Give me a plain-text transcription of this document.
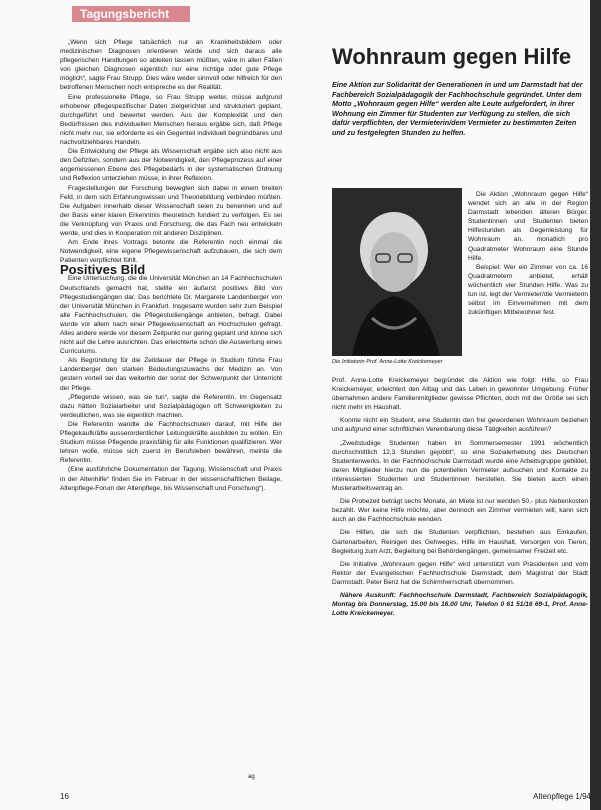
Tagungsbericht

„Wenn sich Pflege tatsächlich nur an Krankheitsbildern oder medizinischen Diagnosen orientieren würde und sich daraus alle pflegerischen Handlungen so ableiten lassen müßten, wäre in allen Fällen von gleichen Diagnosen eigentlich nur eine richtige oder gute Pflege möglich“, sagte Frau Strupp. Dies wäre weder sinnvoll oder hilfreich für den betroffenen Menschen noch entspreche es der Realität.

Eine professionelle Pflege, so Frau Strupp weiter, müsse aufgrund erhobener pflegespezifischer Daten zielgerichtet und strukturiert geplant, durchgeführt und bewertet werden. Aus der Komplexität und den Bedürfnissen des individuellen Menschen heraus ergäbe sich, daß Pflege nicht mehr nur, sie erforderte es ein Gegenteil individuell begründbares und nachvollziehbares Handeln.

Die Entwicklung der Pflege als Wissenschaft ergäbe sich also nicht aus den Defiziten, sondern aus der Notwendigkeit, den Pflegeprozess auf einer angemessenen Ebene des Pflegebedarfs in der systematischen Ordnung und Reflexion unterziehen müsse, in ihrer Reflexion.

Fragestellungen der Forschung bewegten sich dabei in einem breiten Feld, in dem sich Erfahrungswissen und Theoriebildung verbinden müßten. Die Aufgaben innerhalb dieser Wissenschaft seien zu benennen und auf der Basis einer klaren Erkenntnis theoretisch fundiert zu verfolgen. Es sei die Verknüpfung von Praxis und Forschung, die das Fach neu entwickeln werde, und dies in Kooperation mit anderen Disziplinen.

Am Ende ihres Vortrags betonte die Referentin noch einmal die Notwendigkeit, eine eigene Pflegewissenschaft aufzubauen, die sich dem Patienten verpflichtet fühlt.

Positives Bild

Eine Untersuchung, die die Universität München an 14 Fachhochschulen Deutschlands gemacht hat, stellte ein äußerst positives Bild von Pflegestudiengängen dar. Das berichtete Dr. Margarete Landenberger von der Universität München in Frankfurt. Insgesamt wurden sehr zum Beispiel alle Fachhochschulen, die Pflegestudiengänge anbieten, befragt. Dabei wurde vor allem nach einer Pflegewissenschaft an Hochschulen gefragt. Alles andere werde vor diesem Zeitpunkt nur gering geplant und könne sich nicht auf die Lehre ausrichten. Das erleichterte schon die Auswertung eines Curriculums.

Als Begründung für die Zeitdauer der Pflege in Studium führte Frau Landenberger den starken Bedeutungszuwachs der Medizin an. Von gestern vorteil sei das weiterhin der sonst der Schwerpunkt der Unterricht der Pflege.

„Pflegende wissen, was sie tun“, sagte die Referentin. Im Gegensatz dazu hätten Sozialarbeiter und Sozialpädagogen oft Schwierigkeiten zu verdeutlichen, was sie eigentlich machten.

Die Referentin wandte die Fachhochschulen darauf, mit Hilfe der Pflegekaufkräfte ausserordentlicher Leitungskräfte ausbilden zu wollen. Ein Studium müsse Pflegende praxisfähig für alle Funktionen qualifizieren. Wer lehren wolle, müsse sich zuerst im Berufsleben bewähren, meinte die Referentin.

(Eine ausführliche Dokumentation der Tagung, Wissenschaft und Praxis in der Altenhilfe“ finden Sie im Februar in der wissenschaftlichen Beilage, Altenpflege-Forum der Altenpflege, bis Wissenschaft und Forschung“).

ag
Wohnraum gegen Hilfe
Eine Aktion zur Solidarität der Generationen in und um Darmstadt hat der Fachbereich Sozialpädagogik der Fachhochschule gegründet. Unter dem Motto „Wohnraum gegen Hilfe“ werden alte Leute aufgefordert, in ihrer Wohnung ein Zimmer für Studenten zur Verfügung zu stellen, die sich dafür verpflichten, der Vermieterin/dem Vermieter zu bestimmten Zeiten und zu festgelegten Stunden zu helfen.
Die Initiatorin Prof. Anne-Lotte Kreickemeyer

Die Aktion „Wohnraum gegen Hilfe“ wendet sich an alle in der Region Darmstadt lebenden älteren Bürger. Studentinnen und Studenten bieten Hilfestunden als Gegenleistung für Wohnraum an, monatlich pro Quadratmeter Wohnraum eine Stunde Hilfe.

Beispiel: Wer ein Zimmer von ca. 16 Quadratmetern anbietet, erhält wöchentlich vier Stunden Hilfe. Was zu tun ist, legt der Vermieter/die Vermieterin selbst im Einvernehmen mit dem zukünftigen Mitbewohner fest.

Prof. Anne-Lotte Kreickemeyer begründet die Aktion wie folgt: Hilfe, so Frau Kreickemeyer, erleichtert den Alltag und das Leben in gewohnter Umgebung. Früher übernahmen andere Familienmitglieder gewisse Pflichten, doch mit der Größe sei sich nicht mehr im Haushalt.

Konnte nicht ein Student, eine Studentin den frei gewordenen Wohnraum beziehen und aufgrund einer schriftlichen Vereinbarung diese Tätigkeiten ausführen?

„Zweitstudiige Studenten haben im Sommersemester 1991 wöchentlich durchschnittlich 12,3 Stunden gejobbt“, so eine Sozialerhebung des Deutschen Studentenwerks. In der Fachhochschule Darmstadt wurde eine Arbeitsgruppe gebildet, deren Mitglieder hierzu nun die potentiellen Vermieter aufsuchen und Kontakte zu interessierten Studenten und Studentinnen herstellen. Sie bieten auch einen Musterarbeitsvertrag an.

Die Probezeit beträgt sechs Monate, an Miete ist nur wenden 50,- plus Nebenkosten bezahlt. Wer keine Hilfe möchte, aber dennoch ein Zimmer vermieten will, kann sich auch an die Fachhochschule wenden.

Die Hilfen, die sich die Studenten verpflichten, bestehen aus Einkaufen, Gartenarbeiten, Reinigen des Gehweges, Hilfe im Haushalt, Versorgen von Tieren, Begleitung zum Arzt, Begleitung bei Behördengängen, gemeinsamer Freizeit etc.

Die Initiative „Wohnraum gegen Hilfe“ wird unterstützt vom Präsidenten und vom Rektor der Evangelischen Fachhochschule Darmstadt, dem Magistrat der Stadt Darmstadt. Peter Benz hat die Schirmherrschaft übernommen.

Nähere Auskunft: Fachhochschule Darmstadt, Fachbereich Sozialpädagogik, Montag bis Donnerstag, 15.00 bis 16.00 Uhr, Telefon 0 61 51/16 69-1, Prof. Anne-Lotte Kreickemeyer.

16	Altenpflege 1/94
